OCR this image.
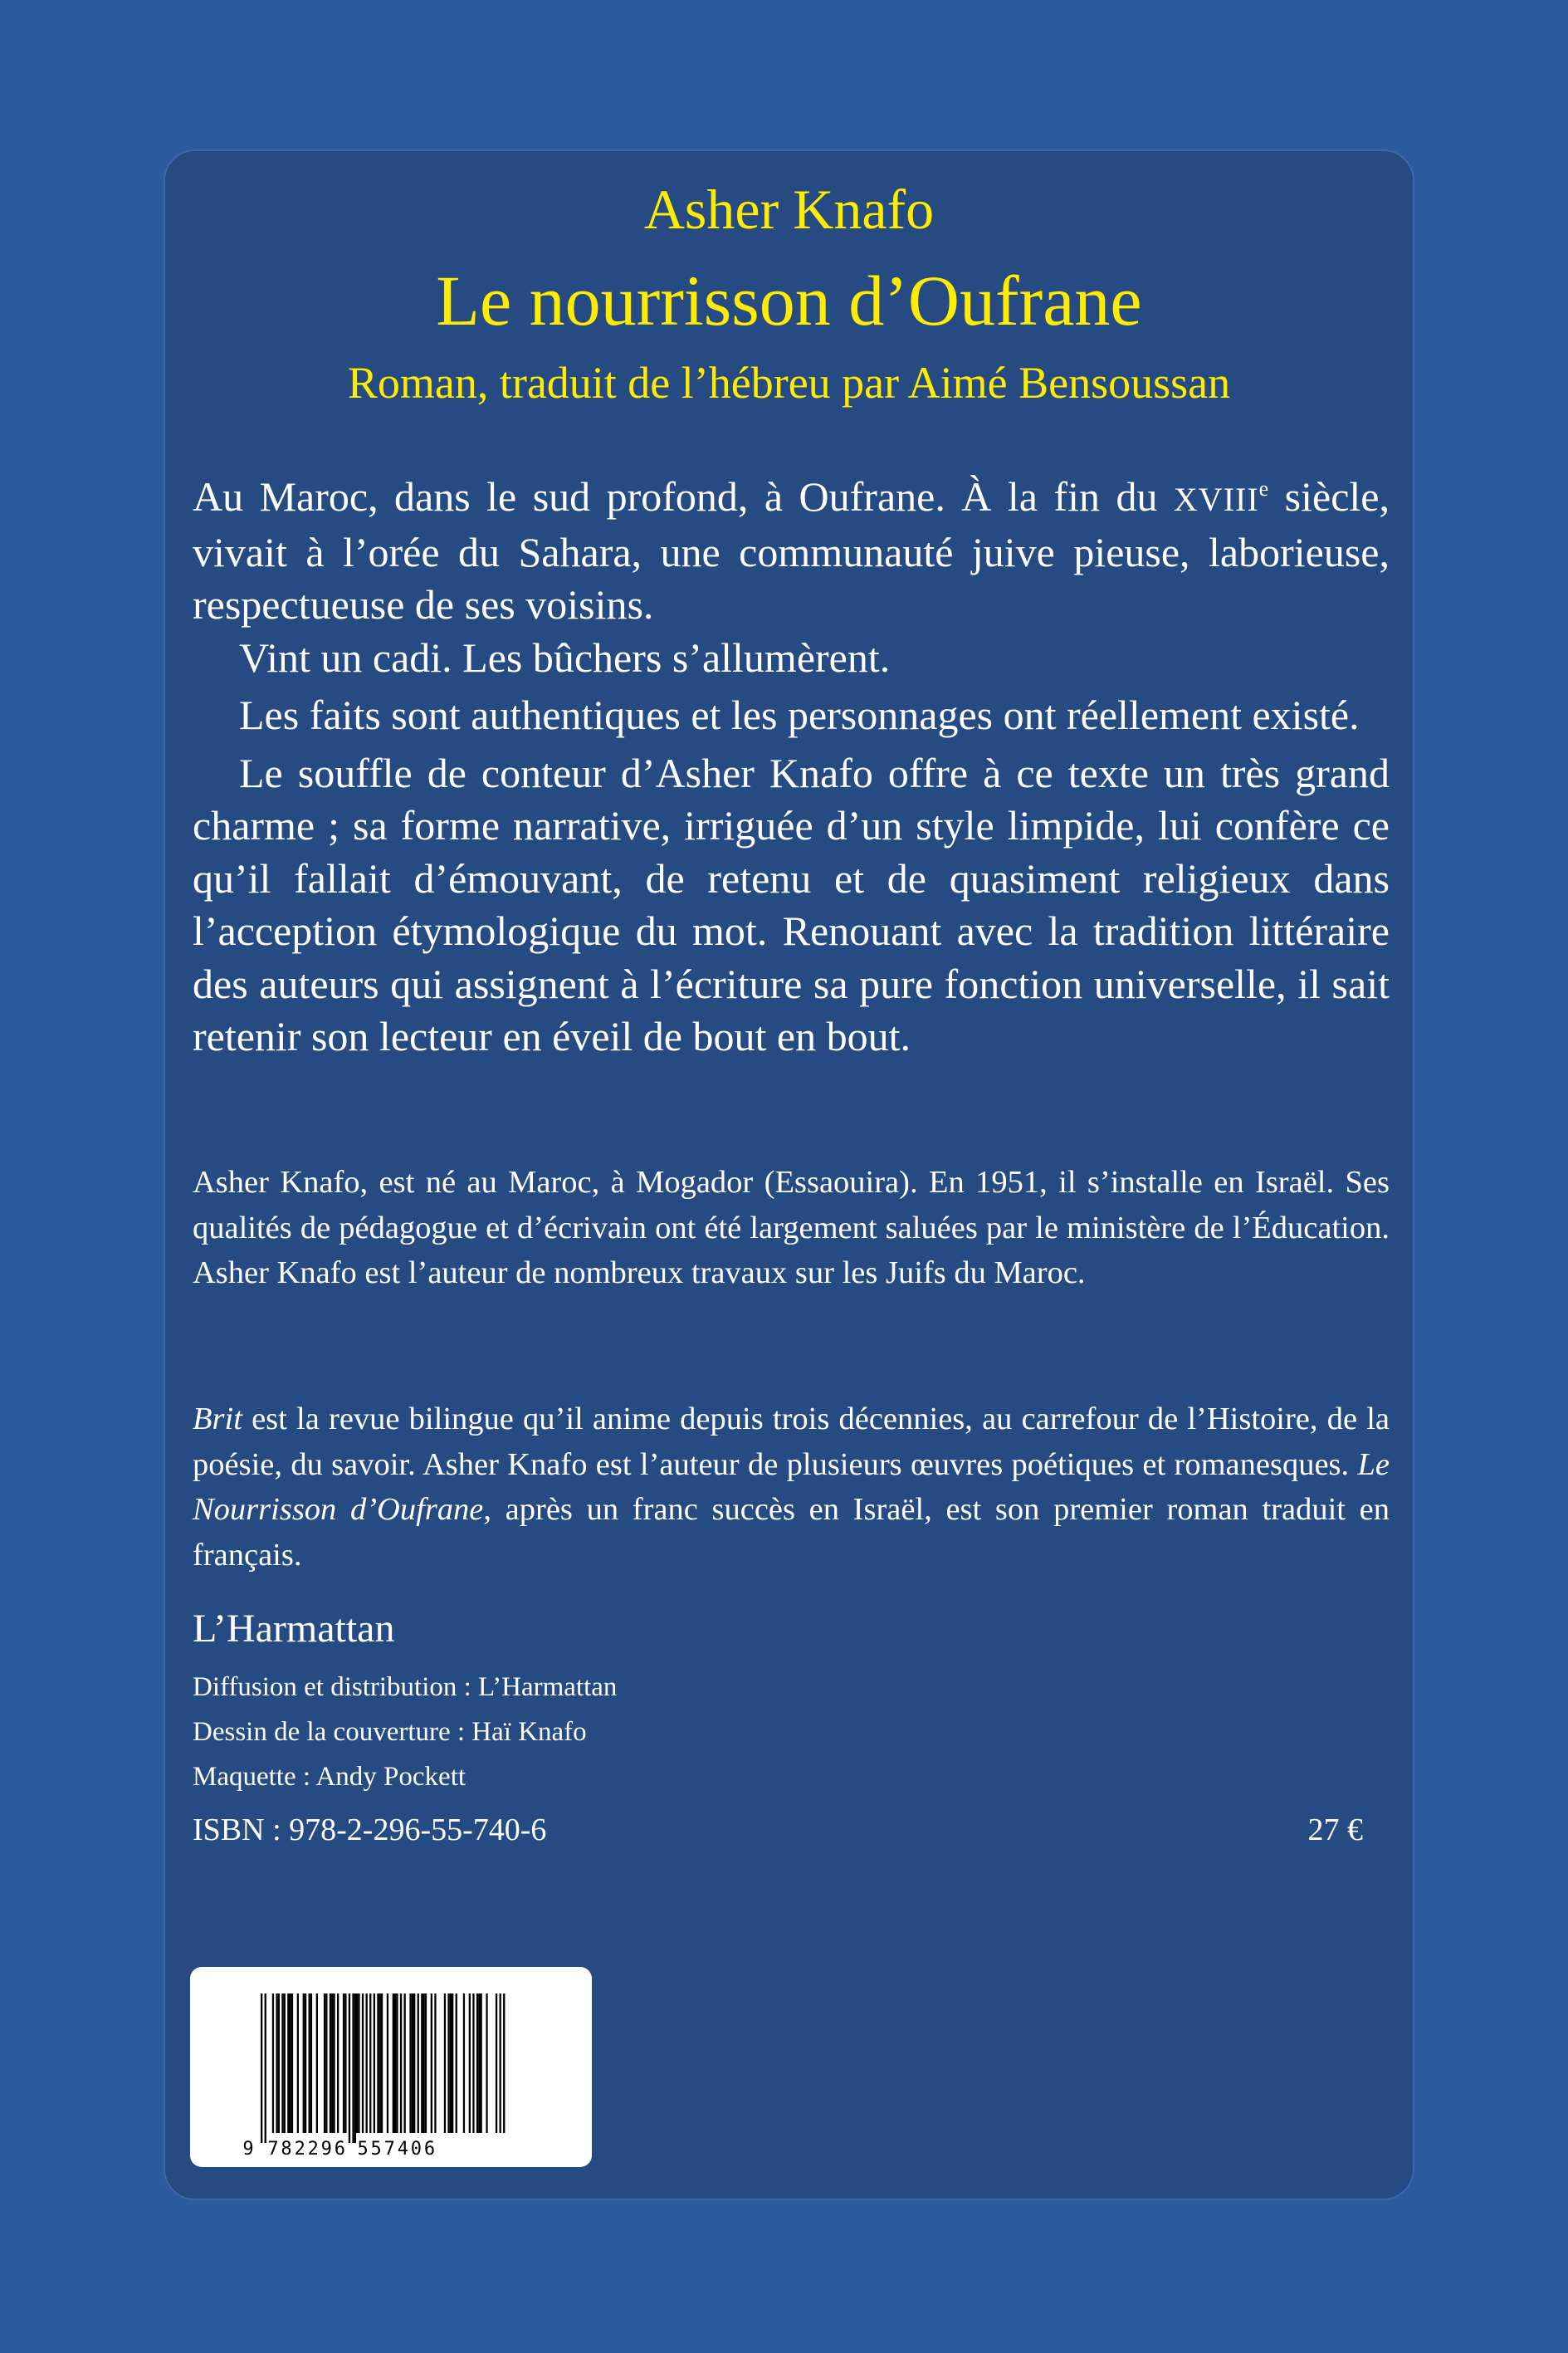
Asher Knafo
Le nourrisson d’Oufrane
Roman, traduit de l’hébreu par Aimé Bensoussan

Au Maroc, dans le sud profond, à Oufrane. À la fin du XVIIIe siècle, vivait à l’orée du Sahara, une communauté juive pieuse, laborieuse, respectueuse de ses voisins.

Vint un cadi. Les bûchers s’allumèrent.

Les faits sont authentiques et les personnages ont réellement existé.

Le souffle de conteur d’Asher Knafo offre à ce texte un très grand charme ; sa forme narrative, irriguée d’un style limpide, lui confère ce qu’il fallait d’émouvant, de retenu et de quasiment religieux dans l’acception étymologique du mot. Renouant avec la tradition littéraire des auteurs qui assignent à l’écriture sa pure fonction universelle, il sait retenir son lecteur en éveil de bout en bout.

Asher Knafo, est né au Maroc, à Mogador (Essaouira). En 1951, il s’installe en Israël. Ses qualités de pédagogue et d’écrivain ont été largement saluées par le ministère de l’Éducation. Asher Knafo est l’auteur de nombreux travaux sur les Juifs du Maroc.

Brit est la revue bilingue qu’il anime depuis trois décennies, au carrefour de l’Histoire, de la poésie, du savoir. Asher Knafo est l’auteur de plusieurs œuvres poétiques et romanesques. Le Nourrisson d’Oufrane, après un franc succès en Israël, est son premier roman traduit en français.

L’Harmattan
Diffusion et distribution : L’Harmattan
Dessin de la couverture : Haï Knafo
Maquette : Andy Pockett
ISBN : 978-2-296-55-740-6	27 €
9 7 8 2 2 9 6 5 5 7 4 0 6
